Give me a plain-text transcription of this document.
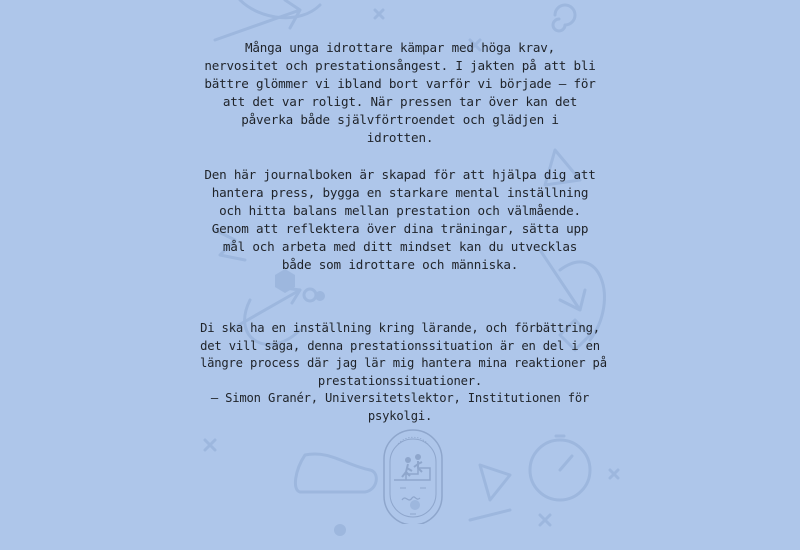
Många unga idrottare kämpar med höga krav,
nervositet och prestationsångest. I jakten på att bli
bättre glömmer vi ibland bort varför vi började – för
att det var roligt. När pressen tar över kan det
påverka både självförtroendet och glädjen i
idrotten.

Den här journalboken är skapad för att hjälpa dig att
hantera press, bygga en starkare mental inställning
och hitta balans mellan prestation och välmående.
Genom att reflektera över dina träningar, sätta upp
mål och arbeta med ditt mindset kan du utvecklas
både som idrottare och människa.

Di ska ha en inställning kring lärande, och förbättring,
det vill säga, denna prestationssituation är en del i en
längre process där jag lär mig hantera mina reaktioner på
prestationssituationer.
– Simon Granér, Universitetslektor, Institutionen för
psykolgi.
